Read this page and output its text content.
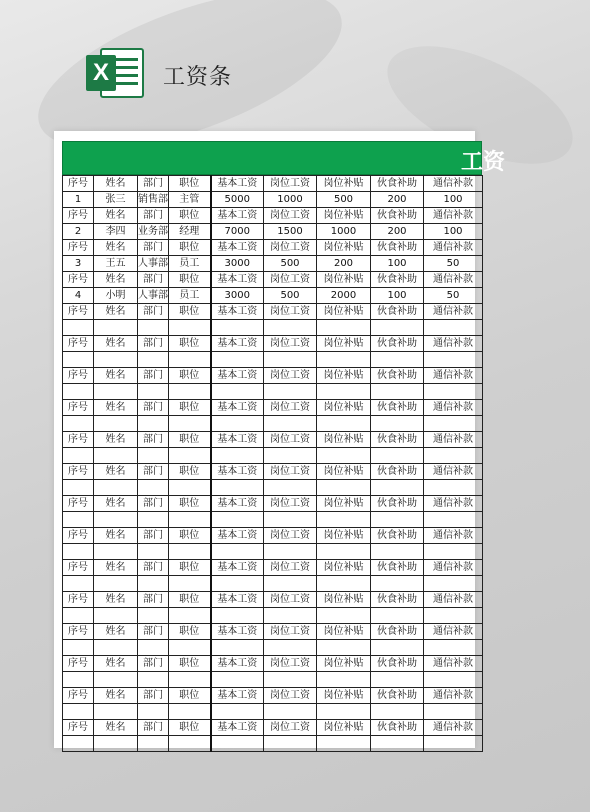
X	工资条
工资
序号	姓名	部门	职位	基本工资	岗位工资	岗位补贴	伙食补助	通信补款
1	张三	销售部	主管	5000	1000	500	200	100
序号	姓名	部门	职位	基本工资	岗位工资	岗位补贴	伙食补助	通信补款
2	李四	业务部	经理	7000	1500	1000	200	100
序号	姓名	部门	职位	基本工资	岗位工资	岗位补贴	伙食补助	通信补款
3	王五	人事部	员工	3000	500	200	100	50
序号	姓名	部门	职位	基本工资	岗位工资	岗位补贴	伙食补助	通信补款
4	小明	人事部	员工	3000	500	2000	100	50
序号	姓名	部门	职位	基本工资	岗位工资	岗位补贴	伙食补助	通信补款

序号	姓名	部门	职位	基本工资	岗位工资	岗位补贴	伙食补助	通信补款

序号	姓名	部门	职位	基本工资	岗位工资	岗位补贴	伙食补助	通信补款

序号	姓名	部门	职位	基本工资	岗位工资	岗位补贴	伙食补助	通信补款

序号	姓名	部门	职位	基本工资	岗位工资	岗位补贴	伙食补助	通信补款

序号	姓名	部门	职位	基本工资	岗位工资	岗位补贴	伙食补助	通信补款

序号	姓名	部门	职位	基本工资	岗位工资	岗位补贴	伙食补助	通信补款

序号	姓名	部门	职位	基本工资	岗位工资	岗位补贴	伙食补助	通信补款

序号	姓名	部门	职位	基本工资	岗位工资	岗位补贴	伙食补助	通信补款

序号	姓名	部门	职位	基本工资	岗位工资	岗位补贴	伙食补助	通信补款

序号	姓名	部门	职位	基本工资	岗位工资	岗位补贴	伙食补助	通信补款

序号	姓名	部门	职位	基本工资	岗位工资	岗位补贴	伙食补助	通信补款

序号	姓名	部门	职位	基本工资	岗位工资	岗位补贴	伙食补助	通信补款

序号	姓名	部门	职位	基本工资	岗位工资	岗位补贴	伙食补助	通信补款
